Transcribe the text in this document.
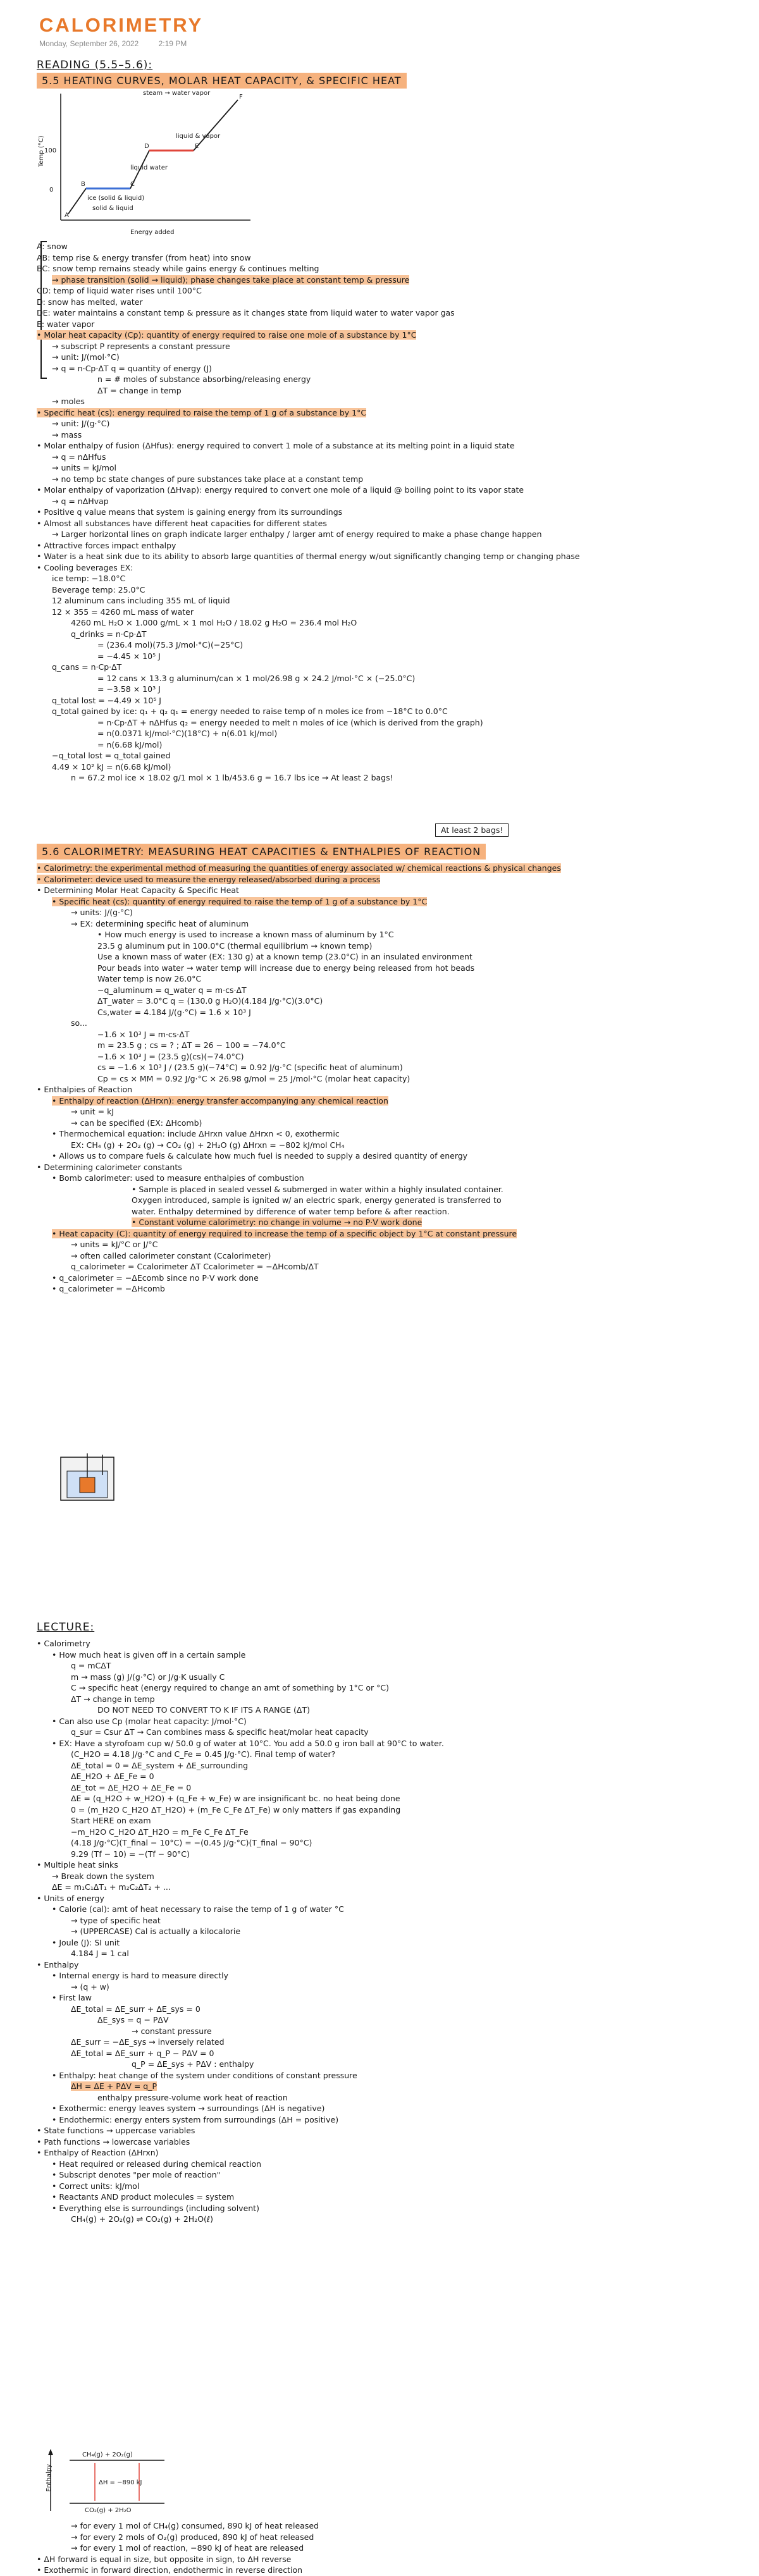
CALORIMETRY
Monday, September 26, 2022	2:19 PM
READING (5.5–5.6):
5.5 HEATING CURVES, MOLAR HEAT CAPACITY, & SPECIFIC HEAT
Temp (°C)
Energy added
100
0
A
B	C
D	E
F
steam → water vapor
liquid & vapor
liquid water
ice (solid & liquid)
solid & liquid
A: snow
AB: temp rise & energy transfer (from heat) into snow
BC: snow temp remains steady while gains energy & continues melting
→ phase transition (solid → liquid); phase changes take place at constant temp & pressure
CD: temp of liquid water rises until 100°C
D: snow has melted, water
DE: water maintains a constant temp & pressure as it changes state from liquid water to water vapor gas
E: water vapor
• Molar heat capacity (Cp): quantity of energy required to raise one mole of a substance by 1°C
→ subscript P represents a constant pressure
→ unit: J/(mol·°C)
→ q = n·Cp·ΔT q = quantity of energy (J)
n = # moles of substance absorbing/releasing energy
ΔT = change in temp
→ moles
• Specific heat (cs): energy required to raise the temp of 1 g of a substance by 1°C
→ unit: J/(g·°C)
→ mass
• Molar enthalpy of fusion (ΔHfus): energy required to convert 1 mole of a substance at its melting point in a liquid state
→ q = nΔHfus
→ units = kJ/mol
→ no temp bc state changes of pure substances take place at a constant temp
• Molar enthalpy of vaporization (ΔHvap): energy required to convert one mole of a liquid @ boiling point to its vapor state
→ q = nΔHvap
• Positive q value means that system is gaining energy from its surroundings
• Almost all substances have different heat capacities for different states
→ Larger horizontal lines on graph indicate larger enthalpy / larger amt of energy required to make a phase change happen
• Attractive forces impact enthalpy
• Water is a heat sink due to its ability to absorb large quantities of thermal energy w/out significantly changing temp or changing phase
• Cooling beverages EX:
ice temp: −18.0°C
Beverage temp: 25.0°C
12 aluminum cans including 355 mL of liquid
12 × 355 = 4260 mL mass of water
4260 mL H₂O × 1.000 g/mL × 1 mol H₂O / 18.02 g H₂O = 236.4 mol H₂O
q_drinks = n·Cp·ΔT
= (236.4 mol)(75.3 J/mol·°C)(−25°C)
= −4.45 × 10⁵ J
q_cans = n·Cp·ΔT
= 12 cans × 13.3 g aluminum/can × 1 mol/26.98 g × 24.2 J/mol·°C × (−25.0°C)
= −3.58 × 10³ J
q_total lost = −4.49 × 10⁵ J
q_total gained by ice: q₁ + q₂ q₁ = energy needed to raise temp of n moles ice from −18°C to 0.0°C
= n·Cp·ΔT + nΔHfus q₂ = energy needed to melt n moles of ice (which is derived from the graph)
= n(0.0371 kJ/mol·°C)(18°C) + n(6.01 kJ/mol)
= n(6.68 kJ/mol)
−q_total lost = q_total gained
4.49 × 10² kJ = n(6.68 kJ/mol)
n = 67.2 mol ice × 18.02 g/1 mol × 1 lb/453.6 g = 16.7 lbs ice → At least 2 bags!
At least 2 bags!
5.6 CALORIMETRY: MEASURING HEAT CAPACITIES & ENTHALPIES OF REACTION
• Calorimetry: the experimental method of measuring the quantities of energy associated w/ chemical reactions & physical changes
• Calorimeter: device used to measure the energy released/absorbed during a process
• Determining Molar Heat Capacity & Specific Heat
• Specific heat (cs): quantity of energy required to raise the temp of 1 g of a substance by 1°C
→ units: J/(g·°C)
→ EX: determining specific heat of aluminum
• How much energy is used to increase a known mass of aluminum by 1°C
23.5 g aluminum put in 100.0°C (thermal equilibrium → known temp)
Use a known mass of water (EX: 130 g) at a known temp (23.0°C) in an insulated environment
Pour beads into water → water temp will increase due to energy being released from hot beads
Water temp is now 26.0°C
−q_aluminum = q_water q = m·cs·ΔT
ΔT_water = 3.0°C q = (130.0 g H₂O)(4.184 J/g·°C)(3.0°C)
Cs,water = 4.184 J/(g·°C) = 1.6 × 10³ J
so...
−1.6 × 10³ J = m·cs·ΔT
m = 23.5 g ; cs = ? ; ΔT = 26 − 100 = −74.0°C
−1.6 × 10³ J = (23.5 g)(cs)(−74.0°C)
cs = −1.6 × 10³ J / (23.5 g)(−74°C) = 0.92 J/g·°C (specific heat of aluminum)
Cp = cs × MM = 0.92 J/g·°C × 26.98 g/mol = 25 J/mol·°C (molar heat capacity)
• Enthalpies of Reaction
• Enthalpy of reaction (ΔHrxn): energy transfer accompanying any chemical reaction
→ unit = kJ
→ can be specified (EX: ΔHcomb)
• Thermochemical equation: include ΔHrxn value ΔHrxn < 0, exothermic
EX: CH₄ (g) + 2O₂ (g) → CO₂ (g) + 2H₂O (g) ΔHrxn = −802 kJ/mol CH₄
• Allows us to compare fuels & calculate how much fuel is needed to supply a desired quantity of energy
• Determining calorimeter constants
• Bomb calorimeter: used to measure enthalpies of combustion
• Sample is placed in sealed vessel & submerged in water within a highly insulated container.
Oxygen introduced, sample is ignited w/ an electric spark, energy generated is transferred to
water. Enthalpy determined by difference of water temp before & after reaction.
• Constant volume calorimetry: no change in volume → no P·V work done
• Heat capacity (C): quantity of energy required to increase the temp of a specific object by 1°C at constant pressure
→ units = kJ/°C or J/°C
→ often called calorimeter constant (Ccalorimeter)
q_calorimeter = Ccalorimeter ΔT Ccalorimeter = −ΔHcomb/ΔT
• q_calorimeter = −ΔEcomb since no P·V work done
• q_calorimeter = −ΔHcomb
LECTURE:
• Calorimetry
• How much heat is given off in a certain sample
q = mCΔT
m → mass (g) J/(g·°C) or J/g·K usually C
C → specific heat (energy required to change an amt of something by 1°C or °C)
ΔT → change in temp
DO NOT NEED TO CONVERT TO K IF ITS A RANGE (ΔT)
• Can also use Cp (molar heat capacity: J/mol·°C)
q_sur = Csur ΔT → Can combines mass & specific heat/molar heat capacity
• EX: Have a styrofoam cup w/ 50.0 g of water at 10°C. You add a 50.0 g iron ball at 90°C to water.
(C_H2O = 4.18 J/g·°C and C_Fe = 0.45 J/g·°C). Final temp of water?
ΔE_total = 0 = ΔE_system + ΔE_surrounding
ΔE_H2O + ΔE_Fe = 0
ΔE_tot = ΔE_H2O + ΔE_Fe = 0
ΔE = (q_H2O + w_H2O) + (q_Fe + w_Fe) w are insignificant bc. no heat being done
0 = (m_H2O C_H2O ΔT_H2O) + (m_Fe C_Fe ΔT_Fe) w only matters if gas expanding
Start HERE on exam
−m_H2O C_H2O ΔT_H2O = m_Fe C_Fe ΔT_Fe
(4.18 J/g·°C)(T_final − 10°C) = −(0.45 J/g·°C)(T_final − 90°C)
9.29 (Tf − 10) = −(Tf − 90°C)
• Multiple heat sinks
→ Break down the system
ΔE = m₁C₁ΔT₁ + m₂C₂ΔT₂ + ...
• Units of energy
• Calorie (cal): amt of heat necessary to raise the temp of 1 g of water °C
→ type of specific heat
→ (UPPERCASE) Cal is actually a kilocalorie
• Joule (J): SI unit
4.184 J = 1 cal
• Enthalpy
• Internal energy is hard to measure directly
→ (q + w)
• First law
ΔE_total = ΔE_surr + ΔE_sys = 0
ΔE_sys = q − PΔV
→ constant pressure
ΔE_surr = −ΔE_sys → inversely related
ΔE_total = ΔE_surr + q_P − PΔV = 0
q_P = ΔE_sys + PΔV : enthalpy
• Enthalpy: heat change of the system under conditions of constant pressure
ΔH = ΔE + PΔV = q_P
enthalpy pressure-volume work heat of reaction
• Exothermic: energy leaves system → surroundings (ΔH is negative)
• Endothermic: energy enters system from surroundings (ΔH = positive)
• State functions → uppercase variables
• Path functions → lowercase variables
• Enthalpy of Reaction (ΔHrxn)
• Heat required or released during chemical reaction
• Subscript denotes "per mole of reaction"
• Correct units: kJ/mol
• Reactants AND product molecules = system
• Everything else is surroundings (including solvent)
CH₄(g) + 2O₂(g) ⇌ CO₂(g) + 2H₂O(ℓ)
Enthalpy
CH₄(g) + 2O₂(g)
CO₂(g) + 2H₂O
ΔH = −890 kJ
→ for every 1 mol of CH₄(g) consumed, 890 kJ of heat released
→ for every 2 mols of O₂(g) produced, 890 kJ of heat released
→ for every 1 mol of reaction, −890 kJ of heat are released
• ΔH forward is equal in size, but opposite in sign, to ΔH reverse
• Exothermic in forward direction, endothermic in reverse direction
